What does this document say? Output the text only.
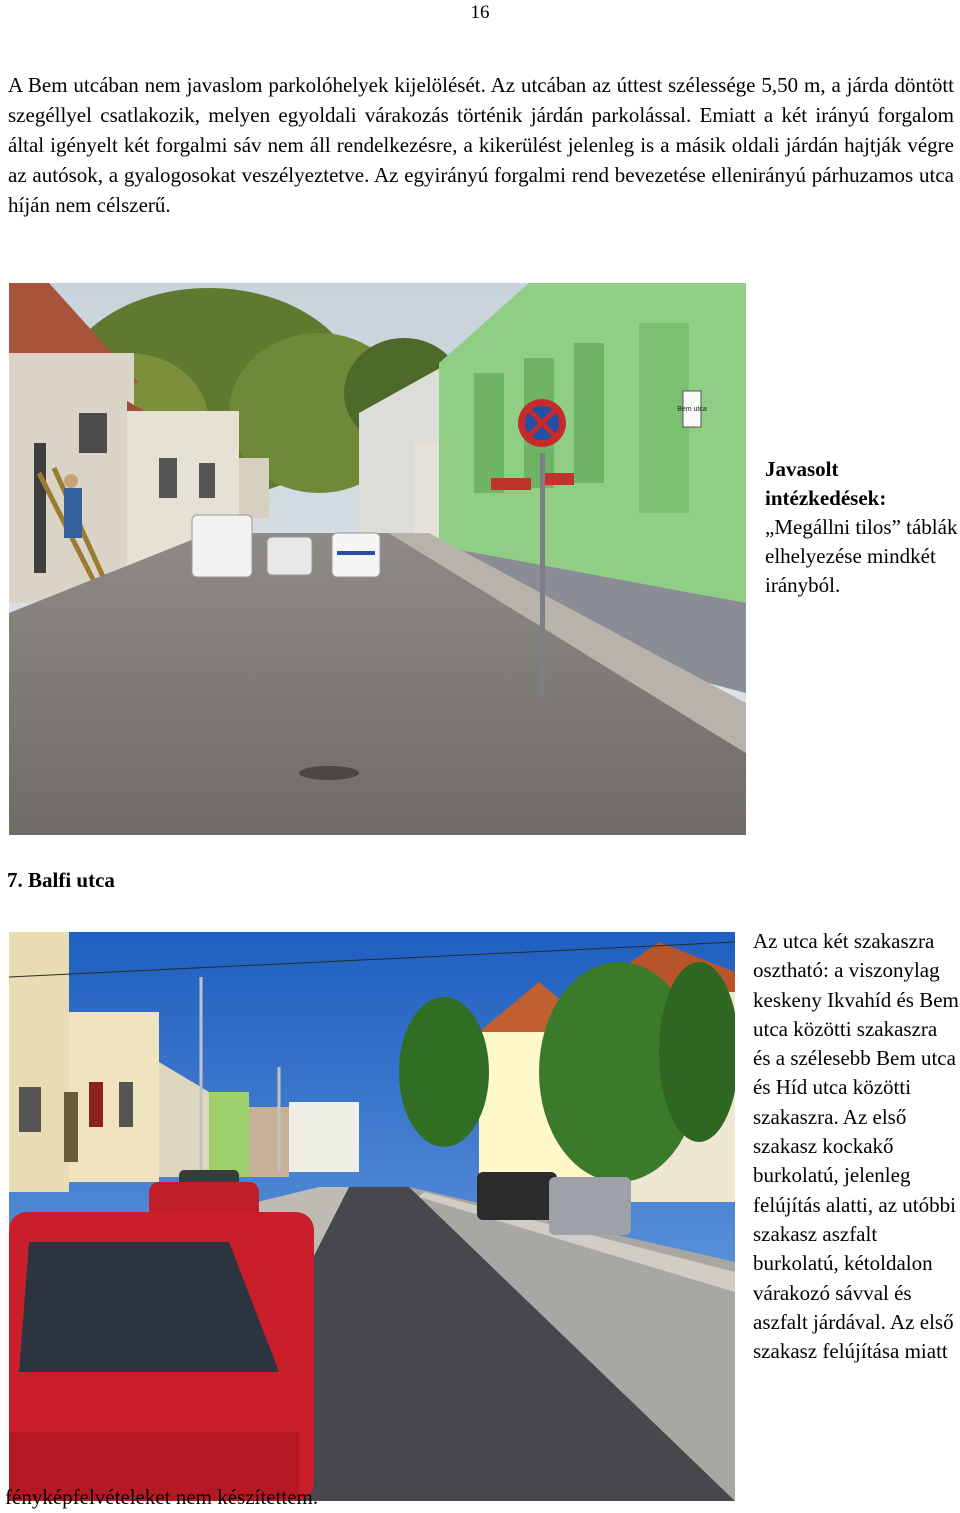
16
A Bem utcában nem javaslom parkolóhelyek kijelölését. Az utcában az úttest szélessége 5,50 m, a járda döntött szegéllyel csatlakozik, melyen egyoldali várakozás történik járdán parkolással. Emiatt a két irányú forgalom által igényelt két forgalmi sáv nem áll rendelkezésre, a kikerülést jelenleg is a másik oldali járdán hajtják végre az autósok, a gyalogosokat veszélyeztetve. Az egyirányú forgalmi rend bevezetése ellenirányú párhuzamos utca híján nem célszerű.
Bem utca
Javasolt
intézkedések:
„Megállni tilos” táblák elhelyezése mindkét irányból.
7. Balfi utca
Az utca két szakaszra osztható: a viszonylag keskeny Ikvahíd és Bem utca közötti szakaszra és a szélesebb Bem utca és Híd utca közötti szakaszra. Az első szakasz kockakő burkolatú, jelenleg felújítás alatti, az utóbbi szakasz aszfalt burkolatú, kétoldalon várakozó sávval és aszfalt járdával. Az első szakasz felújítása miatt
fényképfelvételeket nem készítettem.
